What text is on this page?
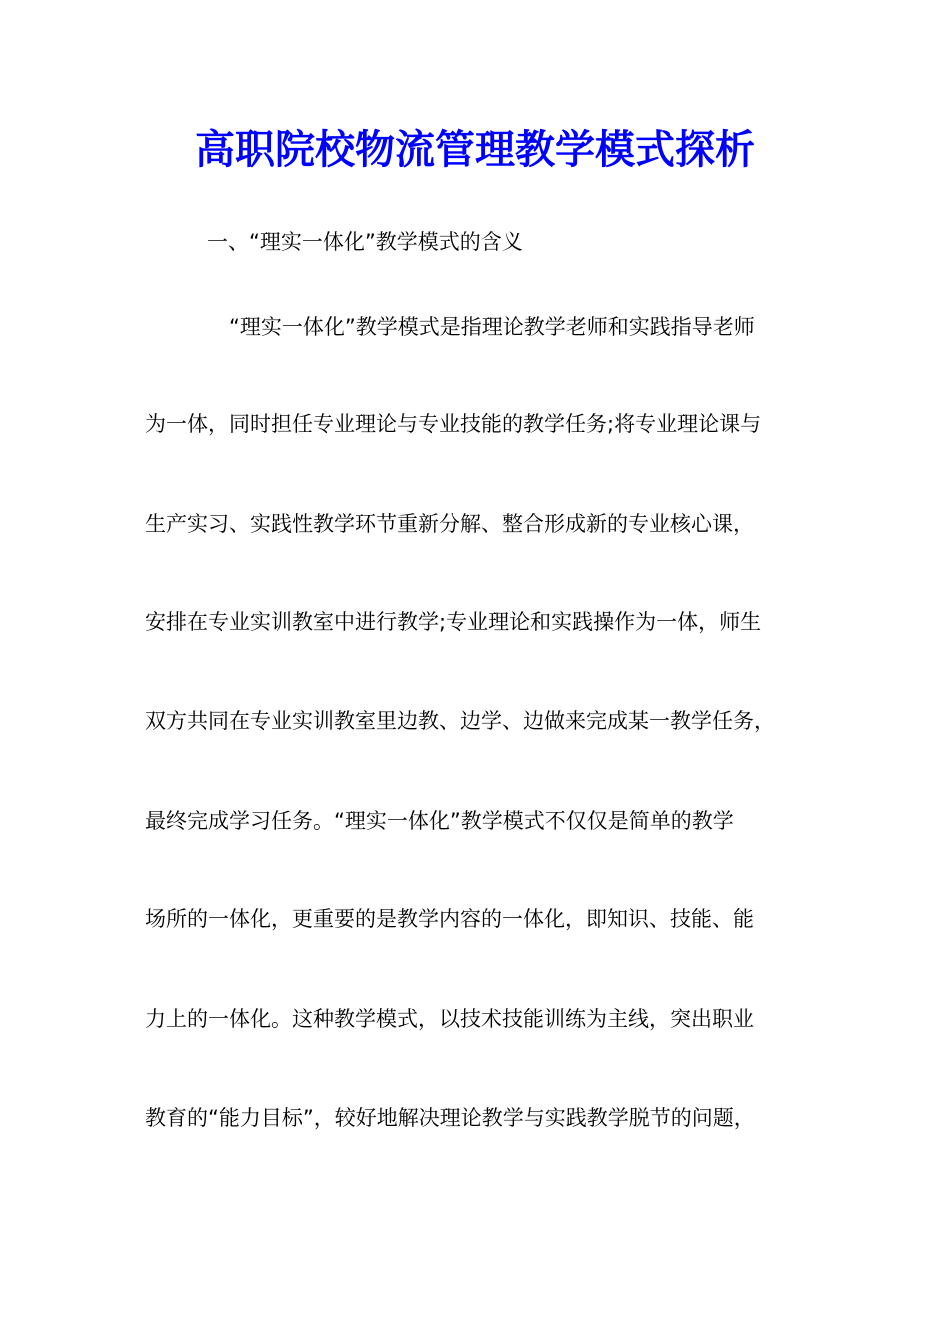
高职院校物流管理教学模式探析
一、“理实一体化”教学模式的含义
“理实一体化”教学模式是指理论教学老师和实践指导老师
为一体，同时担任专业理论与专业技能的教学任务;将专业理论课与
生产实习、实践性教学环节重新分解、整合形成新的专业核心课，
安排在专业实训教室中进行教学;专业理论和实践操作为一体，师生
双方共同在专业实训教室里边教、边学、边做来完成某一教学任务，
最终完成学习任务。“理实一体化”教学模式不仅仅是简单的教学
场所的一体化，更重要的是教学内容的一体化，即知识、技能、能
力上的一体化。这种教学模式，以技术技能训练为主线，突出职业
教育的“能力目标”，较好地解决理论教学与实践教学脱节的问题，
